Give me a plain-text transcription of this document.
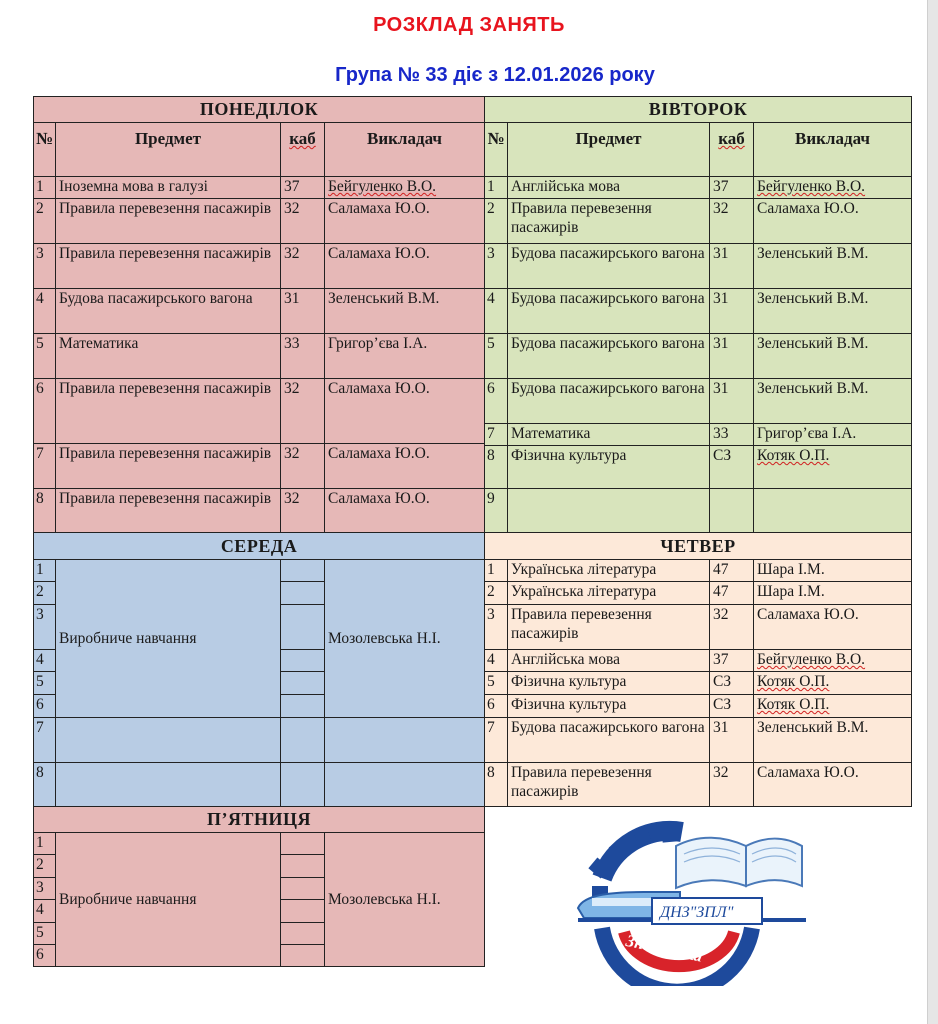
РОЗКЛАД ЗАНЯТЬ
Група № 33 діє з 12.01.2026 року
ПОНЕДІЛОК			
№	Предмет	каб	Викладач
1	Іноземна мова в галузі	37	Бейгуленко В.О.
2	Правила перевезення пасажирів	32	Саламаха Ю.О.
3	Правила перевезення пасажирів	32	Саламаха Ю.О.
4	Будова пасажирського вагона	31	Зеленський В.М.
5	Математика	33	Григор’єва І.А.
6	Правила перевезення пасажирів	32	Саламаха Ю.О.
7	Правила перевезення пасажирів	32	Саламаха Ю.О.
8	Правила перевезення пасажирів	32	Саламаха Ю.О.
ВІВТОРОК			
№	Предмет	каб	Викладач
1	Англійська мова	37	Бейгуленко В.О.
2	Правила перевезення пасажирів	32	Саламаха Ю.О.
3	Будова пасажирського вагона	31	Зеленський В.М.
4	Будова пасажирського вагона	31	Зеленський В.М.
5	Будова пасажирського вагона	31	Зеленський В.М.
6	Будова пасажирського вагона	31	Зеленський В.М.
7	Математика	33	Григор’єва І.А.
8	Фізична культура	СЗ	Котяк О.П.
9			
СЕРЕДА			
1	Виробниче навчання		Мозолевська Н.І.
2			
3			
4			
5			
6			
7			
8			
ЧЕТВЕР			
1	Українська література	47	Шара І.М.
2	Українська література	47	Шара І.М.
3	Правила перевезення пасажирів	32	Саламаха Ю.О.
4	Англійська мова	37	Бейгуленко В.О.
5	Фізична культура	СЗ	Котяк О.П.
6	Фізична культура	СЗ	Котяк О.П.
7	Будова пасажирського вагона	31	Зеленський В.М.
8	Правила перевезення пасажирів	32	Саламаха Ю.О.
П’ЯТНИЦЯ			
1	Виробниче навчання		Мозолевська Н.І.
2			
3			
4			
5			
6			
ДНЗ"ЗПЛ"
Знам'янка
